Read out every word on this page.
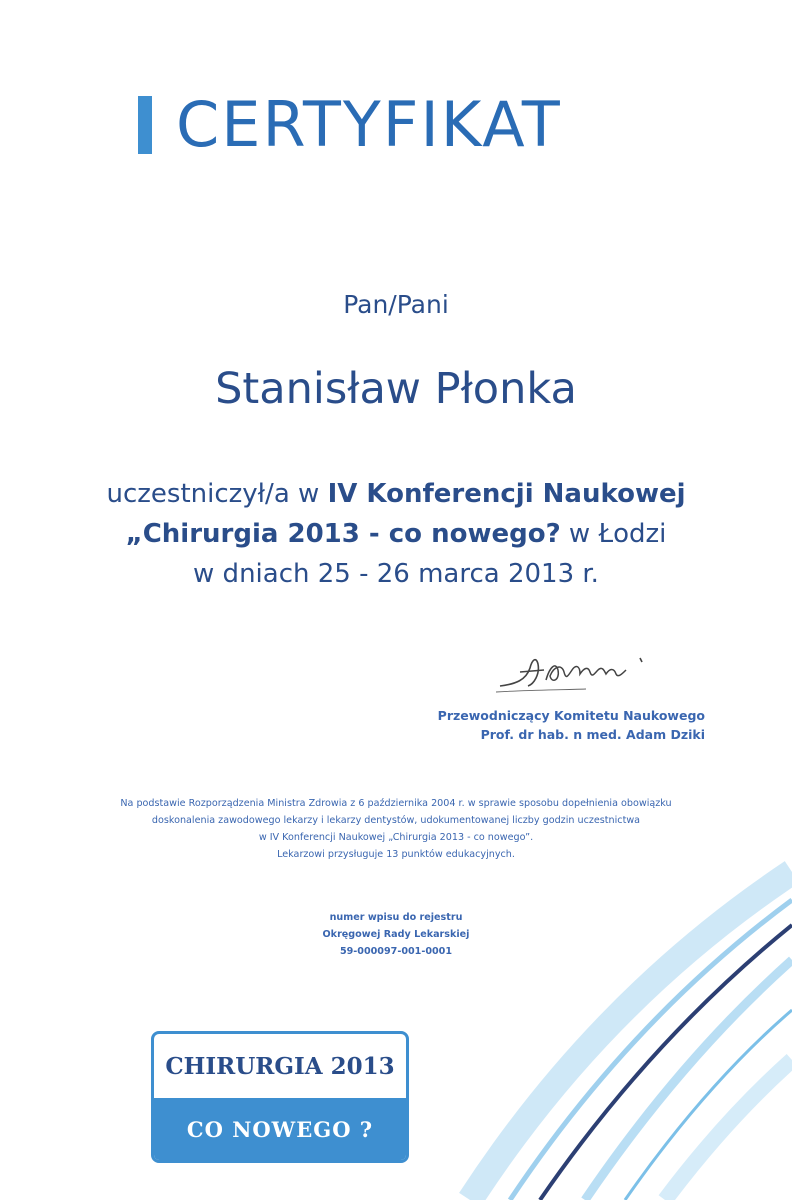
CERTYFIKAT
Pan/Pani
Stanisław Płonka
uczestniczył/a w IV Konferencji Naukowej
„Chirurgia 2013 - co nowego? w Łodzi
w dniach 25 - 26 marca 2013 r.
Przewodniczący Komitetu Naukowego
Prof. dr hab. n med. Adam Dziki
Na podstawie Rozporządzenia Ministra Zdrowia z 6 października 2004 r. w sprawie sposobu dopełnienia obowiązku
doskonalenia zawodowego lekarzy i lekarzy dentystów, udokumentowanej liczby godzin uczestnictwa
w IV Konferencji Naukowej „Chirurgia 2013 - co nowego”.
Lekarzowi przysługuje 13 punktów edukacyjnych.
numer wpisu do rejestru
Okręgowej Rady Lekarskiej
59-000097-001-0001
CHIRURGIA 2013
CO NOWEGO ?
